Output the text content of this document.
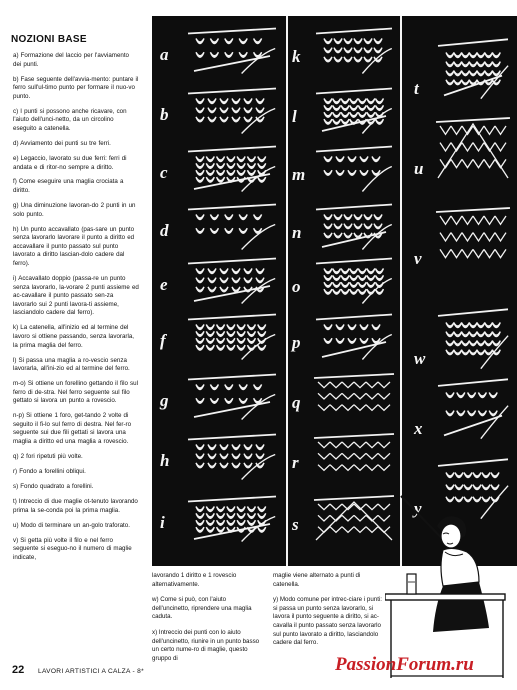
NOZIONI BASE
a) Formazione del laccio per l'avviamento dei punti.
b) Fase seguente dell'avvia-mento: puntare il ferro sull'ul-timo punto per formare il nuo-vo punto.
c) I punti si possono anche ricavare, con l'aiuto dell'unci-netto, da un circolino eseguito a catenella.
d) Avviamento dei punti su tre ferri.
e) Legaccio, lavorato su due ferri: ferri di andata e di ritor-no sempre a diritto.
f) Come eseguire una maglia crociata a diritto.
g) Una diminuzione lavoran-do 2 punti in un solo punto.
h) Un punto accavallato (pas-sare un punto senza lavorarlo lavorare il punto a diritto ed accavallare il punto passato sul punto lavorato a diritto lascian-dolo cadere dal ferro).
i) Accavallato doppio (passa-re un punto senza lavorarlo, la-vorare 2 punti assieme ed ac-cavallare il punto passato sen-za lavorarlo sui 2 punti lavora-ti assieme, lasciandolo cadere dal ferro).
k) La catenella, all'inizio ed al termine del lavoro si ottiene passando, senza lavorarla, la prima maglia del ferro.
l) Si passa una maglia a ro-vescio senza lavorarla, all'ini-zio ed al termine del ferro.
m-o) Si ottiene un forellino gettando il filo sul ferro di de-stra. Nel ferro seguente sul filo gettato si lavora un punto a rovescio.
n-p) Si ottiene 1 foro, get-tando 2 volte di seguito il fi-lo sul ferro di destra. Nel fer-ro seguente sui due fili gettati si lavora una maglia a diritto ed una maglia a rovescio.
q) 2 fori ripetuti più volte.
r) Fondo a forellini obliqui.
s) Fondo quadrato a forellini.
t) Intreccio di due maglie ot-tenuto lavorando prima la se-conda poi la prima maglia.
u) Modo di terminare un an-golo traforato.
v) Si getta più volte il filo e nel ferro seguente si eseguo-no il numero di maglie indicate,
a
b
c
d
e
f
g
h
i
k
l
m
n
o
p
q
r
s
t
u
v
w
x
y

lavorando 1 diritto e 1 rovescio alternativamente.

w) Come si può, con l'aiuto dell'uncinetto, riprendere una maglia caduta.

x) Intreccio dei punti con lo aiuto dell'uncinetto, riunire in un punto basso un certo nume-ro di maglie, questo gruppo di

maglie viene alternato a punti di catenella.

y) Modo comune per intrec-ciare i punti: si passa un punto senza lavorarlo, si lavora il punto seguente a diritto, si ac-cavalla il punto passato senza lavorarlo sul punto lavorato a diritto, lasciandolo cadere dal ferro.

22 LAVORI ARTISTICI A CALZA - 8*	PassionForum.ru
